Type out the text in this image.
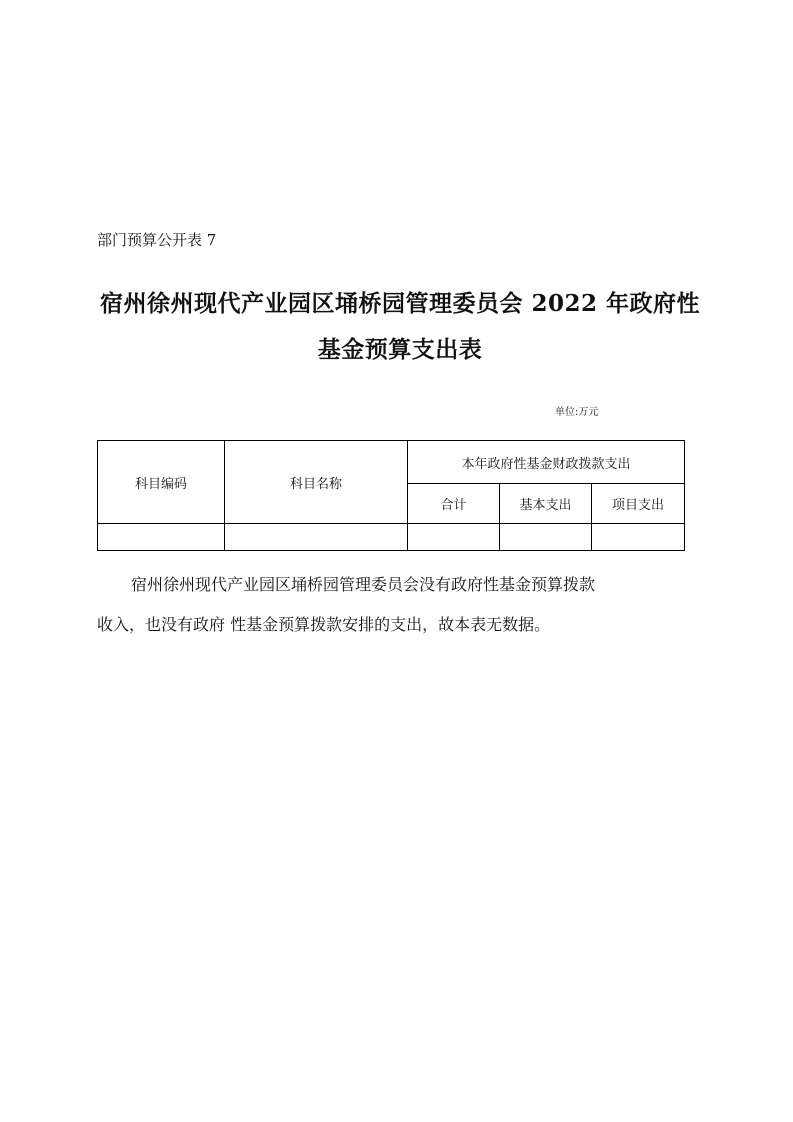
部门预算公开表 7
宿州徐州现代产业园区埇桥园管理委员会 2022 年政府性
基金预算支出表
单位:万元
科目编码	科目名称	本年政府性基金财政拨款支出		
		合计	基本支出	项目支出

宿州徐州现代产业园区埇桥园管理委员会没有政府性基金预算拨款
收入，也没有政府 性基金预算拨款安排的支出，故本表无数据。
